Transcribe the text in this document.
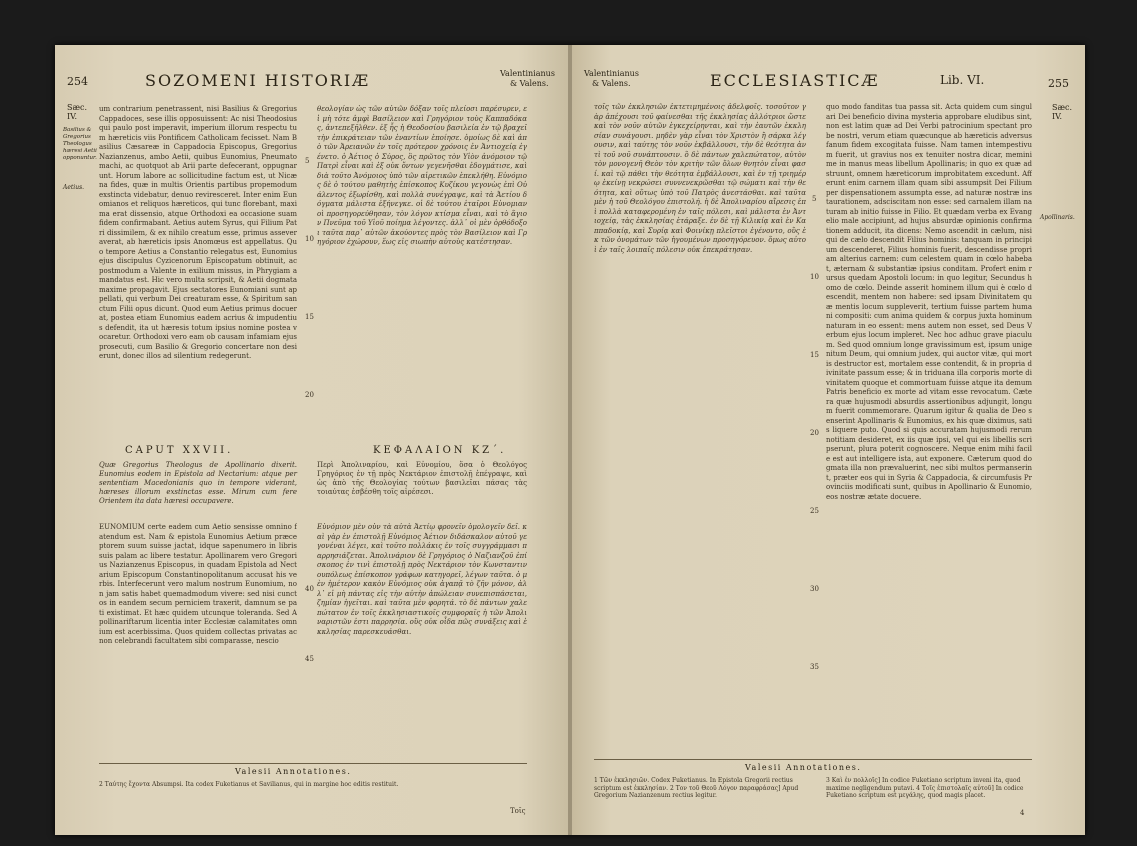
254	SOZOMENI HISTORIÆ	Valentinianus
& Valens.
Sæc.
IV.
Basilius & Gregorius Theologus hæresi Aetii opponuntur.
Aetius.
um contrarium penetrassent, nisi Basilius & Gregorius Cappadoces, sese illis opposuissent: Ac nisi Theodosius qui paulo post imperavit, imperium illorum respectu tum hæreticis viis Pontificem Catholicam fecisset. Nam Basilius Cæsareæ in Cappadocia Episcopus, Gregorius Nazianzenus, ambo Aetii, quibus Eunomius, Pneumatomachi, ac quotquot ab Arii parte defecerant, oppugnarunt. Horum labore ac sollicitudine factum est, ut Nicæna fides, quæ in multis Orientis partibus propemodum exstincta videbatur, denuo reviresceret. Inter enim Eunomianos et reliquos hæreticos, qui tunc florebant, maxima erat dissensio, atque Orthodoxi ea occasione suam fidem confirmabant. Aetius autem Syrus, qui Filium Patri dissimilem, & ex nihilo creatum esse, primus asseveraverat, ab hæreticis ipsis Anomœus est appellatus. Quo tempore Aetius a Constantio relegatus est, Eunomius ejus discipulus Cyzicenorum Episcopatum obtinuit, ac postmodum a Valente in exilium missus, in Phrygiam amandatus est. Hic vero multa scripsit, & Aetii dogmata maxime propagavit. Ejus sectatores Eunomiani sunt appellati, qui verbum Dei creaturam esse, & Spiritum sanctum Filii opus dicunt. Quod eum Aetius primus docuerat, postea etiam Eunomius eadem acrius & impudentius defendit, ita ut hæresis totum ipsius nomine postea vocaretur. Orthodoxi vero eam ob causam infamiam ejus prosecuti, cum Basilio & Gregorio concertare non desierunt, donec illos ad silentium redegerunt.
θεολογίαν ὡς τῶν αὐτῶν δόξαν τοῖς πλείοσι παρέσυρεν, εἰ μὴ τότε ἀμφὶ Βασίλειον καὶ Γρηγόριον τοὺς Καππαδόκας, ἀντεπεξῆλθεν. ἐξ ἧς ἡ Θεοδοσίου βασιλεία ἐν τῷ βραχεῖ τὴν ἐπικράτειαν τῶν ἐναντίων ἐποίησε. ὁμοίως δὲ καὶ ἀπὸ τῶν Ἀρειανῶν ἐν τοῖς πρότερον χρόνοις ἐν Ἀντιοχείᾳ ἐγένετο. ὁ Ἀέτιος ὁ Σύρος, ὃς πρῶτος τὸν Υἱὸν ἀνόμοιον τῷ Πατρὶ εἶναι καὶ ἐξ οὐκ ὄντων γεγενῆσθαι ἐδογμάτισε, καὶ διὰ τοῦτο Ἀνόμοιος ὑπὸ τῶν αἱρετικῶν ἐπεκλήθη. Εὐνόμιος δὲ ὁ τούτου μαθητὴς ἐπίσκοπος Κυζίκου γεγονὼς ἐπὶ Οὐάλεντος ἐξωρίσθη, καὶ πολλὰ συνέγραψε, καὶ τὰ Ἀετίου δόγματα μάλιστα ἐξήνεγκε. οἱ δὲ τούτου ἑταῖροι Εὐνομιανοὶ προσηγορεύθησαν, τὸν λόγον κτίσμα εἶναι, καὶ τὸ ἅγιον Πνεῦμα τοῦ Υἱοῦ ποίημα λέγοντες. ἀλλ᾽ οἱ μὲν ὀρθόδοξοι ταῦτα παρ᾽ αὐτῶν ἀκούοντες πρὸς τὸν Βασίλειον καὶ Γρηγόριον ἐχώρουν, ἕως εἰς σιωπὴν αὐτοὺς κατέστησαν.
5
10
15
20
CAPUT XXVII.	ΚΕΦΑΛΑΙΟΝ ΚΖ΄.
Quæ Gregorius Theologus de Apollinario dixerit. Eunomius eodem in Epistola ad Nectarium: atque per sententiam Macedonianis quo in tempore viderant, hæreses illorum exstinctas esse. Mirum cum fere Orientem ita data hæresi occupavere.
Περὶ Ἀπολιναρίου, καὶ Εὐνομίου, ὅσα ὁ Θεολόγος Γρηγόριος ἐν τῇ πρὸς Νεκτάριον ἐπιστολῇ ἐπέγραψε, καὶ ὡς ἀπὸ τῆς Θεολογίας τούτων βασιλεῖαι πάσας τὰς τοιαύτας ἐσβέσθη τοῖς αἱρέσεσι.
EUNOMIUM certe eadem cum Aetio sensisse omnino fatendum est. Nam & epistola Eunomius Aetium præceptorem suum suisse jactat, idque sapenumero in libris suis palam ac libere testatur. Apollinarem vero Gregorius Nazianzenus Episcopus, in quadam Epistola ad Nectarium Episcopum Constantinopolitanum accusat his verbis. Interfecerunt vero malum nostrum Eunomium, non jam satis habet quemadmodum vivere: sed nisi cunctos in eandem secum perniciem traxerit, damnum se pati existimat. Et hæc quidem utcunque toleranda. Sed Apollinariftarum licentia inter Ecclesiæ calamitates omnium est acerbissima. Quos quidem collectas privatas ac non celebrandi facultatem sibi comparasse, nescio
Εὐνόμιον μὲν οὖν τὰ αὐτὰ Ἀετίῳ φρονεῖν ὁμολογεῖν δεῖ. καὶ γὰρ ἐν ἐπιστολῇ Εὐνόμιος Ἀέτιον διδάσκαλον αὐτοῦ γεγονέναι λέγει, καὶ τοῦτο πολλάκις ἐν τοῖς συγγράμμασι παρρησιάζεται. Ἀπολινάριον δὲ Γρηγόριος ὁ Ναζιανζοῦ ἐπίσκοπος ἐν τινὶ ἐπιστολῇ πρὸς Νεκτάριον τὸν Κωνσταντινουπόλεως ἐπίσκοπον γράφων κατηγορεῖ, λέγων ταῦτα. ὁ μὲν ἡμέτερον κακὸν Εὐνόμιος οὐκ ἀγαπᾷ τὸ ζῆν μόνον, ἀλλ᾽ εἰ μὴ πάντας εἰς τὴν αὐτὴν ἀπώλειαν συνεπισπάσεται, ζημίαν ἡγεῖται. καὶ ταῦτα μὲν φορητά. τὸ δὲ πάντων χαλεπώτατον ἐν τοῖς ἐκκλησιαστικοῖς συμφοραῖς ἡ τῶν Ἀπολιναριστῶν ἐστι παρρησία. οὓς οὐκ οἶδα πῶς συνάξεις καὶ ἐκκλησίας παρεσκευάσθαι.
40
45
Valesii Annotationes.
2 Ταύτης ἔχοντα Absumpsi. Ita codex Fuketianus et Savilianus, qui in margine hoc editis restituit.
Τοῖς
Valentinianus
& Valens.	ECCLESIASTICÆ	Lib. VI.	255
Sæc.
IV.
Apollinaris.
τοῖς τῶν ἐκκλησιῶν ἐκτετιμημένοις ἀδελφοῖς. τοσοῦτον γὰρ ἀπέχουσι τοῦ φαίνεσθαι τῆς ἐκκλησίας ἀλλότριοι ὥστε καὶ τὸν νοῦν αὐτῶν ἐγκεχείρηνται, καὶ τὴν ἑαυτῶν ἐκκλησίαν συνάγουσι. μηδὲν γὰρ εἶναι τὸν Χριστὸν ἢ σάρκα λέγουσιν, καὶ ταύτης τὸν νοῦν ἐκβάλλουσι, τὴν δὲ θεότητα ἀντὶ τοῦ νοῦ συνάπτουσιν. ὃ δὲ πάντων χαλεπώτατον, αὐτὸν τὸν μονογενῆ Θεὸν τὸν κριτὴν τῶν ὅλων θνητὸν εἶναι φασί. καὶ τῷ πάθει τὴν θεότητα ἐμβάλλουσι, καὶ ἐν τῇ τριημέρῳ ἐκείνῃ νεκρώσει συννενεκρῶσθαι τῷ σώματι καὶ τὴν θεότητα, καὶ οὕτως ὑπὸ τοῦ Πατρὸς ἀνεστάσθαι. καὶ ταῦτα μὲν ἡ τοῦ Θεολόγου ἐπιστολή. ἡ δὲ Ἀπολιναρίου αἵρεσις ἐπὶ πολλὰ καταφερομένη ἐν ταῖς πόλεσι, καὶ μάλιστα ἐν Ἀντιοχείᾳ, τὰς ἐκκλησίας ἐτάραξε. ἐν δὲ τῇ Κιλικίᾳ καὶ ἐν Καππαδοκίᾳ, καὶ Συρίᾳ καὶ Φοινίκῃ πλεῖστοι ἐγένοντο, οὓς ἐκ τῶν ὀνομάτων τῶν ἡγουμένων προσηγόρευον. ὅμως αὐτοὶ ἐν ταῖς λοιπαῖς πόλεσιν οὐκ ἐπεκράτησαν.
quo modo fanditas tua passa sit. Acta quidem cum singulari Dei beneficio divina mysteria approbare eludibus sint, non est latim quæ ad Dei Verbi patrocinium spectant probe nostri, verum etiam quæcunque ab hæreticis adversus fanum fidem excogitata fuisse. Nam tamen intempestivum fuerit, ut gravius nos ex tenuiter nostra dicar, meminime in manus meas libellum Apollinaris; in quo ex quæ adstruunt, omnem hæreticorum improbitatem excedunt. Afferunt enim carnem illam quam sibi assumpsit Dei Filium per dispensationem assumpta esse, ad naturæ nostræ instaurationem, adsciscitam non esse: sed carnalem illam naturam ab initio fuisse in Filio. Et quædam verba ex Evangelio male accipiunt, ad hujus absurdæ opinionis confirmationem adducit, ita dicens: Nemo ascendit in cælum, nisi qui de cælo descendit Filius hominis: tanquam in principium descenderet, Filius hominis fuerit, descendisse propriam alterius carnem: cum celestem quam in cœlo habebat, æternam & substantiæ ipsius conditam. Profert enim rursus quedam Apostoli locum: in quo legitur, Secundus homo de cœlo. Deinde asserit hominem illum qui è cœlo descendit, mentem non habere: sed ipsam Divinitatem quæ mentis locum suppleverit, tertium fuisse partem humani compositi: cum anima quidem & corpus juxta hominum naturam in eo essent: mens autem non esset, sed Deus Verbum ejus locum impleret. Nec hoc adhuc grave piaculum. Sed quod omnium longe gravissimum est, ipsum unigenitum Deum, qui omnium judex, qui auctor vitæ, qui mortis destructor est, mortalem esse contendit, & in propria divinitate passum esse; & in triduana illa corporis morte divinitatem quoque et commortuam fuisse atque ita demum Patris beneficio ex morte ad vitam esse revocatum. Cætera quæ hujusmodi absurdis assertionibus adjungit, longum fuerit commemorare. Quarum igitur & qualia de Deo senserint Apollinaris & Eunomius, ex his quæ diximus, satis liquere puto. Quod si quis accuratam hujusmodi rerum notitiam desideret, ex iis quæ ipsi, vel qui eis libellis scripserunt, plura poterit cognoscere. Neque enim mihi facile est aut intelligere ista, aut exponere. Cæterum quod dogmata illa non prævaluerint, nec sibi multos permanserint, præter eos qui in Syria & Cappadocia, & circumfusis Provinciis modificati sunt, quibus in Apollinario & Eunomio, eos nostræ ætate docuere.
5
10
15
20
25
30
35
Valesii Annotationes.
1 Τῶν ἐκκλησιῶν. Codex Fuketianus. In Epistola Gregorii rectius scriptum est ἐκκλησίαν. 2 Τον τοῦ Θεοῦ Λόγον παραφράσας] Apud Gregorium Nazianzenum rectius legitur.
3 Καὶ ἐν πολλοῖς] In codice Fuketiano scriptum inveni ita, quod maxime negligendum putavi. 4 Τοῖς ἐπιστολαῖς αὐτοῦ] In codice Fuketiano scriptum est μεγάλης, quod magis placet.
4
